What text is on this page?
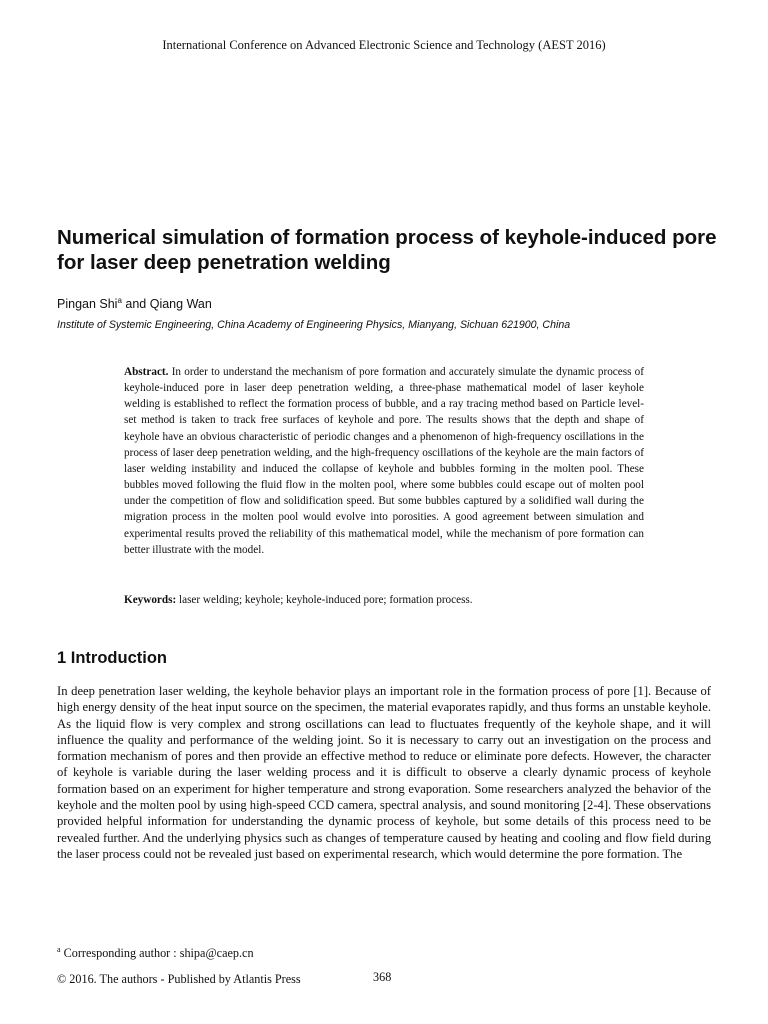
International Conference on Advanced Electronic Science and Technology (AEST 2016)
Numerical simulation of formation process of keyhole-induced pore for laser deep penetration welding
Pingan Shi$^a$ and Qiang Wan
Institute of Systemic Engineering, China Academy of Engineering Physics, Mianyang, Sichuan 621900, China
Abstract. In order to understand the mechanism of pore formation and accurately simulate the dynamic process of keyhole-induced pore in laser deep penetration welding, a three-phase mathematical model of laser keyhole welding is established to reflect the formation process of bubble, and a ray tracing method based on Particle level-set method is taken to track free surfaces of keyhole and pore. The results shows that the depth and shape of keyhole have an obvious characteristic of periodic changes and a phenomenon of high-frequency oscillations in the process of laser deep penetration welding, and the high-frequency oscillations of the keyhole are the main factors of laser welding instability and induced the collapse of keyhole and bubbles forming in the molten pool. These bubbles moved following the fluid flow in the molten pool, where some bubbles could escape out of molten pool under the competition of flow and solidification speed. But some bubbles captured by a solidified wall during the migration process in the molten pool would evolve into porosities. A good agreement between simulation and experimental results proved the reliability of this mathematical model, while the mechanism of pore formation can better illustrate with the model.
Keywords: laser welding; keyhole; keyhole-induced pore; formation process.
1 Introduction

In deep penetration laser welding, the keyhole behavior plays an important role in the formation process of pore [1]. Because of high energy density of the heat input source on the specimen, the material evaporates rapidly, and thus forms an unstable keyhole. As the liquid flow is very complex and strong oscillations can lead to fluctuates frequently of the keyhole shape, and it will influence the quality and performance of the welding joint. So it is necessary to carry out an investigation on the process and formation mechanism of pores and then provide an effective method to reduce or eliminate pore defects. However, the character of keyhole is variable during the laser welding process and it is difficult to observe a clearly dynamic process of keyhole formation based on an experiment for higher temperature and strong evaporation. Some researchers analyzed the behavior of the keyhole and the molten pool by using high-speed CCD camera, spectral analysis, and sound monitoring [2-4]. These observations provided helpful information for understanding the dynamic process of keyhole, but some details of this process need to be revealed further. And the underlying physics such as changes of temperature caused by heating and cooling and flow field during the laser process could not be revealed just based on experimental research, which would determine the pore formation. The

$^a$ Corresponding author : shipa@caep.cn
© 2016. The authors - Published by Atlantis Press	368
